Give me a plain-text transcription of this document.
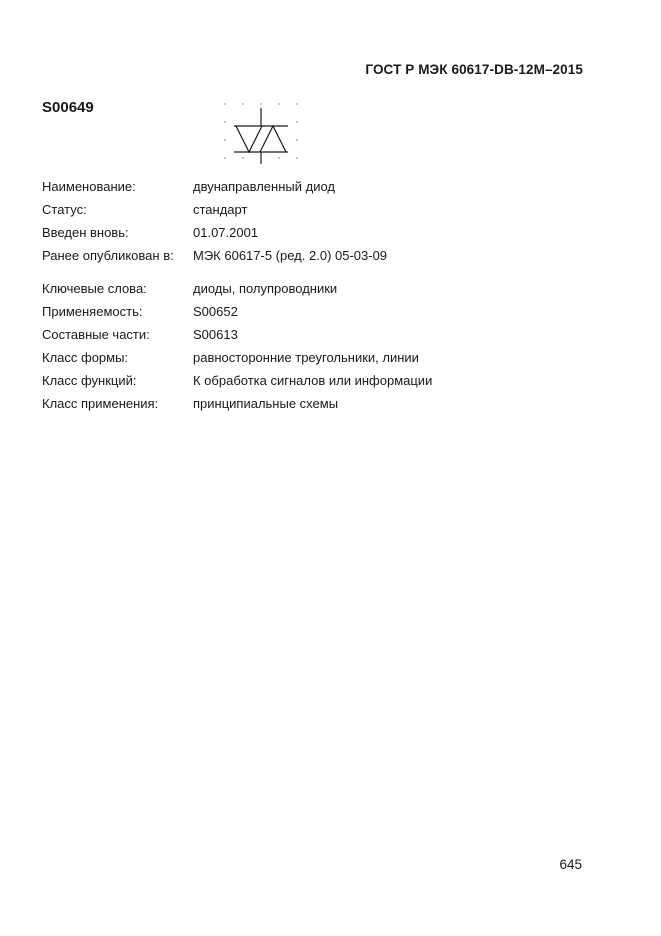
ГОСТ Р МЭК 60617-DB-12М–2015
S00649
Наименование:	двунаправленный диод
Статус:	стандарт
Введен вновь:	01.07.2001
Ранее опубликован в:	МЭК 60617-5 (ред. 2.0) 05-03-09
Ключевые слова:	диоды, полупроводники
Применяемость:	S00652
Составные части:	S00613
Класс формы:	равносторонние треугольники, линии
Класс функций:	К обработка сигналов или информации
Класс применения:	принципиальные схемы
645
